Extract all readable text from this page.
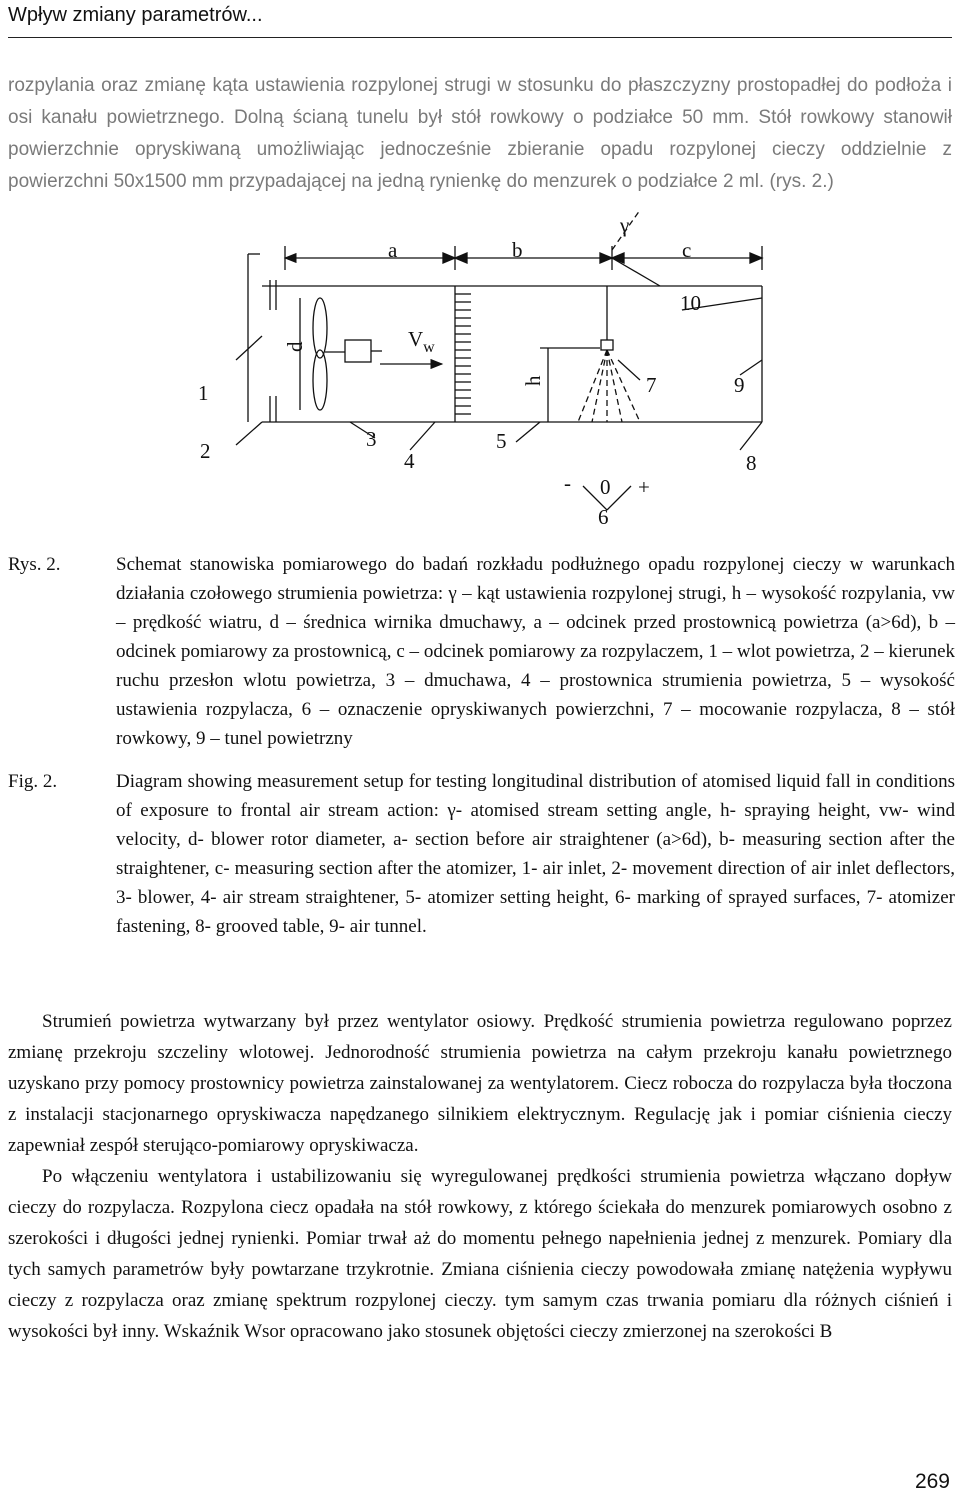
Wpływ zmiany parametrów...

rozpylania oraz zmianę kąta ustawienia rozpylonej strugi w stosunku do płaszczyzny prostopadłej do podłoża i osi kanału powietrznego. Dolną ścianą tunelu był stół rowkowy o podziałce 50 mm. Stół rowkowy stanowił powierzchnie opryskiwaną umożliwiając jednocześnie zbieranie opadu rozpylonej cieczy oddzielnie z powierzchni 50x1500 mm przypadającej na jedną rynienkę do menzurek o podziałce 2 ml. (rys. 2.)

a	b	c
γ
10
$V_w$
d
1
h	7	9
2	3
4
5
8
- 0 +
6
Rys. 2.	Schemat stanowiska pomiarowego do badań rozkładu podłużnego opadu rozpylonej cieczy w warunkach działania czołowego strumienia powietrza: γ – kąt ustawienia rozpylonej strugi, h – wysokość rozpylania, vw – prędkość wiatru, d – średnica wirnika dmuchawy, a – odcinek przed prostownicą powietrza (a>6d), b – odcinek pomiarowy za prostownicą, c – odcinek pomiarowy za rozpylaczem, 1 – wlot powietrza, 2 – kierunek ruchu przesłon wlotu powietrza, 3 – dmuchawa, 4 – prostownica strumienia powietrza, 5 – wysokość ustawienia rozpylacza, 6 – oznaczenie opryskiwanych powierzchni, 7 – mocowanie rozpylacza, 8 – stół rowkowy, 9 – tunel powietrzny

Fig. 2.	Diagram showing measurement setup for testing longitudinal distribution of atomised liquid fall in conditions of exposure to frontal air stream action: γ- atomised stream setting angle, h- spraying height, vw- wind velocity, d- blower rotor diameter, a- section before air straightener (a>6d), b- measuring section after the straightener, c- measuring section after the atomizer, 1- air inlet, 2- movement direction of air inlet deflectors, 3- blower, 4- air stream straightener, 5- atomizer setting height, 6- marking of sprayed surfaces, 7- atomizer fastening, 8- grooved table, 9- air tunnel.

Strumień powietrza wytwarzany był przez wentylator osiowy. Prędkość strumienia powietrza regulowano poprzez zmianę przekroju szczeliny wlotowej. Jednorodność strumienia powietrza na całym przekroju kanału powietrznego uzyskano przy pomocy prostownicy powietrza zainstalowanej za wentylatorem. Ciecz robocza do rozpylacza była tłoczona z instalacji stacjonarnego opryskiwacza napędzanego silnikiem elektrycznym. Regulację jak i pomiar ciśnienia cieczy zapewniał zespół sterująco-pomiarowy opryskiwacza.

Po włączeniu wentylatora i ustabilizowaniu się wyregulowanej prędkości strumienia powietrza włączano dopływ cieczy do rozpylacza. Rozpylona ciecz opadała na stół rowkowy, z którego ściekała do menzurek pomiarowych osobno z szerokości i długości jednej rynienki. Pomiar trwał aż do momentu pełnego napełnienia jednej z menzurek. Pomiary dla tych samych parametrów były powtarzane trzykrotnie. Zmiana ciśnienia cieczy powodowała zmianę natężenia wypływu cieczy z rozpylacza oraz zmianę spektrum rozpylonej cieczy. tym samym czas trwania pomiaru dla różnych ciśnień i wysokości był inny. Wskaźnik Wsor opracowano jako stosunek objętości cieczy zmierzonej na szerokości B

269
